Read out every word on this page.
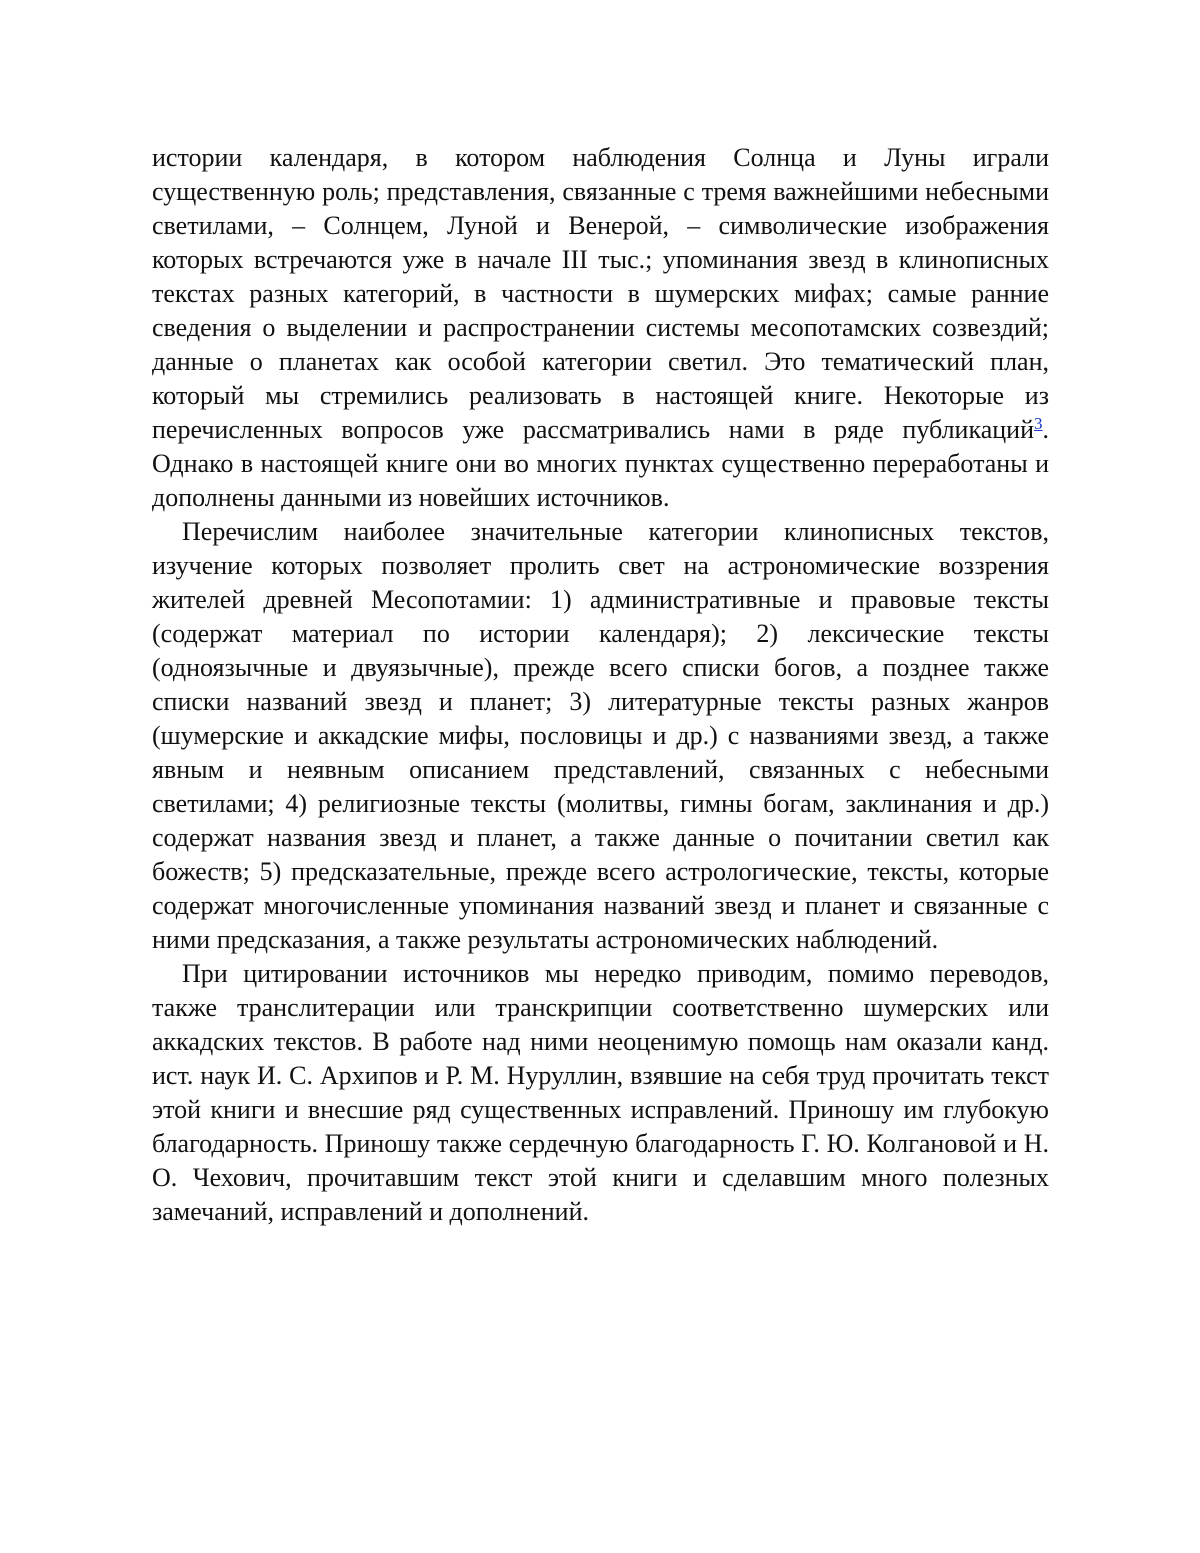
истории календаря, в котором наблюдения Солнца и Луны играли существенную роль; представления, связанные с тремя важнейшими небесными светилами, – Солнцем, Луной и Венерой, – символические изображения которых встречаются уже в начале III тыс.; упоминания звезд в клинописных текстах разных категорий, в частности в шумерских мифах; самые ранние сведения о выделении и распространении системы месопотамских созвездий; данные о планетах как особой категории светил. Это тематический план, который мы стремились реализовать в настоящей книге. Некоторые из перечисленных вопросов уже рассматривались нами в ряде публикаций$^3$. Однако в настоящей книге они во многих пунктах существенно переработаны и дополнены данными из новейших источников.

Перечислим наиболее значительные категории клинописных текстов, изучение которых позволяет пролить свет на астрономические воззрения жителей древней Месопотамии: 1) административные и правовые тексты (содержат материал по истории календаря); 2) лексические тексты (одноязычные и двуязычные), прежде всего списки богов, а позднее также списки названий звезд и планет; 3) литературные тексты разных жанров (шумерские и аккадские мифы, пословицы и др.) с названиями звезд, а также явным и неявным описанием представлений, связанных с небесными светилами; 4) религиозные тексты (молитвы, гимны богам, заклинания и др.) содержат названия звезд и планет, а также данные о почитании светил как божеств; 5) предсказательные, прежде всего астрологические, тексты, которые содержат многочисленные упоминания названий звезд и планет и связанные с ними предсказания, а также результаты астрономических наблюдений.

При цитировании источников мы нередко приводим, помимо переводов, также транслитерации или транскрипции соответственно шумерских или аккадских текстов. В работе над ними неоценимую помощь нам оказали канд. ист. наук И. С. Архипов и Р. М. Нуруллин, взявшие на себя труд прочитать текст этой книги и внесшие ряд существенных исправлений. Приношу им глубокую благодарность. Приношу также сердечную благодарность Г. Ю. Колгановой и Н. О. Чехович, прочитавшим текст этой книги и сделавшим много полезных замечаний, исправлений и дополнений.
